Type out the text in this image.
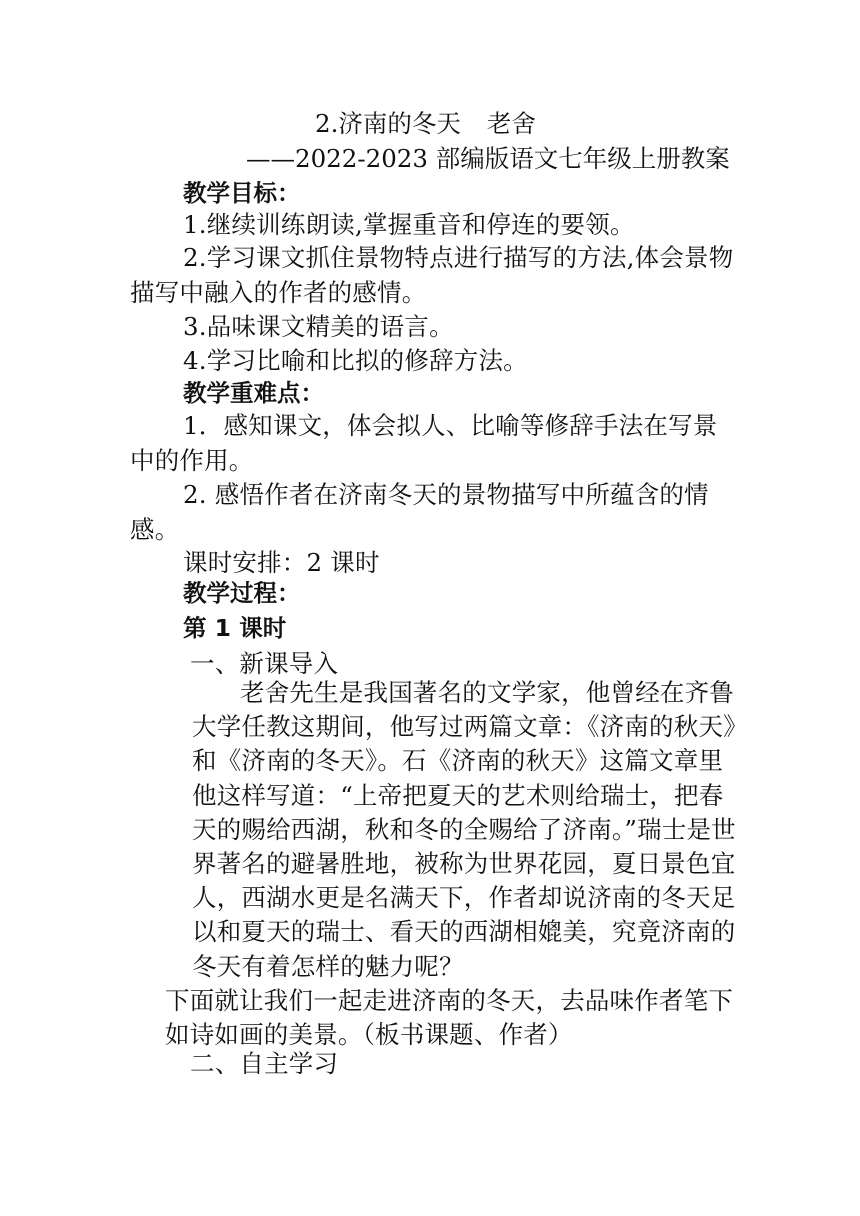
2.济南的冬天 老舍
——2022-2023 部编版语文七年级上册教案
教学目标：
1.继续训练朗读,掌握重音和停连的要领。
2.学习课文抓住景物特点进行描写的方法,体会景物描写中融入的作者的感情。
3.品味课文精美的语言。
4.学习比喻和比拟的修辞方法。
教学重难点：
1．感知课文，体会拟人、比喻等修辞手法在写景中的作用。
2. 感悟作者在济南冬天的景物描写中所蕴含的情感。
课时安排：2 课时
教学过程：
第 1 课时
一、新课导入
老舍先生是我国著名的文学家，他曾经在齐鲁大学任教这期间，他写过两篇文章：《济南的秋天》和《济南的冬天》。石《济南的秋天》这篇文章里他这样写道：“上帝把夏天的艺术则给瑞士，把春天的赐给西湖，秋和冬的全赐给了济南。”瑞士是世界著名的避暑胜地，被称为世界花园，夏日景色宜人，西湖水更是名满天下，作者却说济南的冬天足以和夏天的瑞士、看天的西湖相媲美，究竟济南的冬天有着怎样的魅力呢？
下面就让我们一起走进济南的冬天，去品味作者笔下如诗如画的美景。（板书课题、作者）
二、自主学习
